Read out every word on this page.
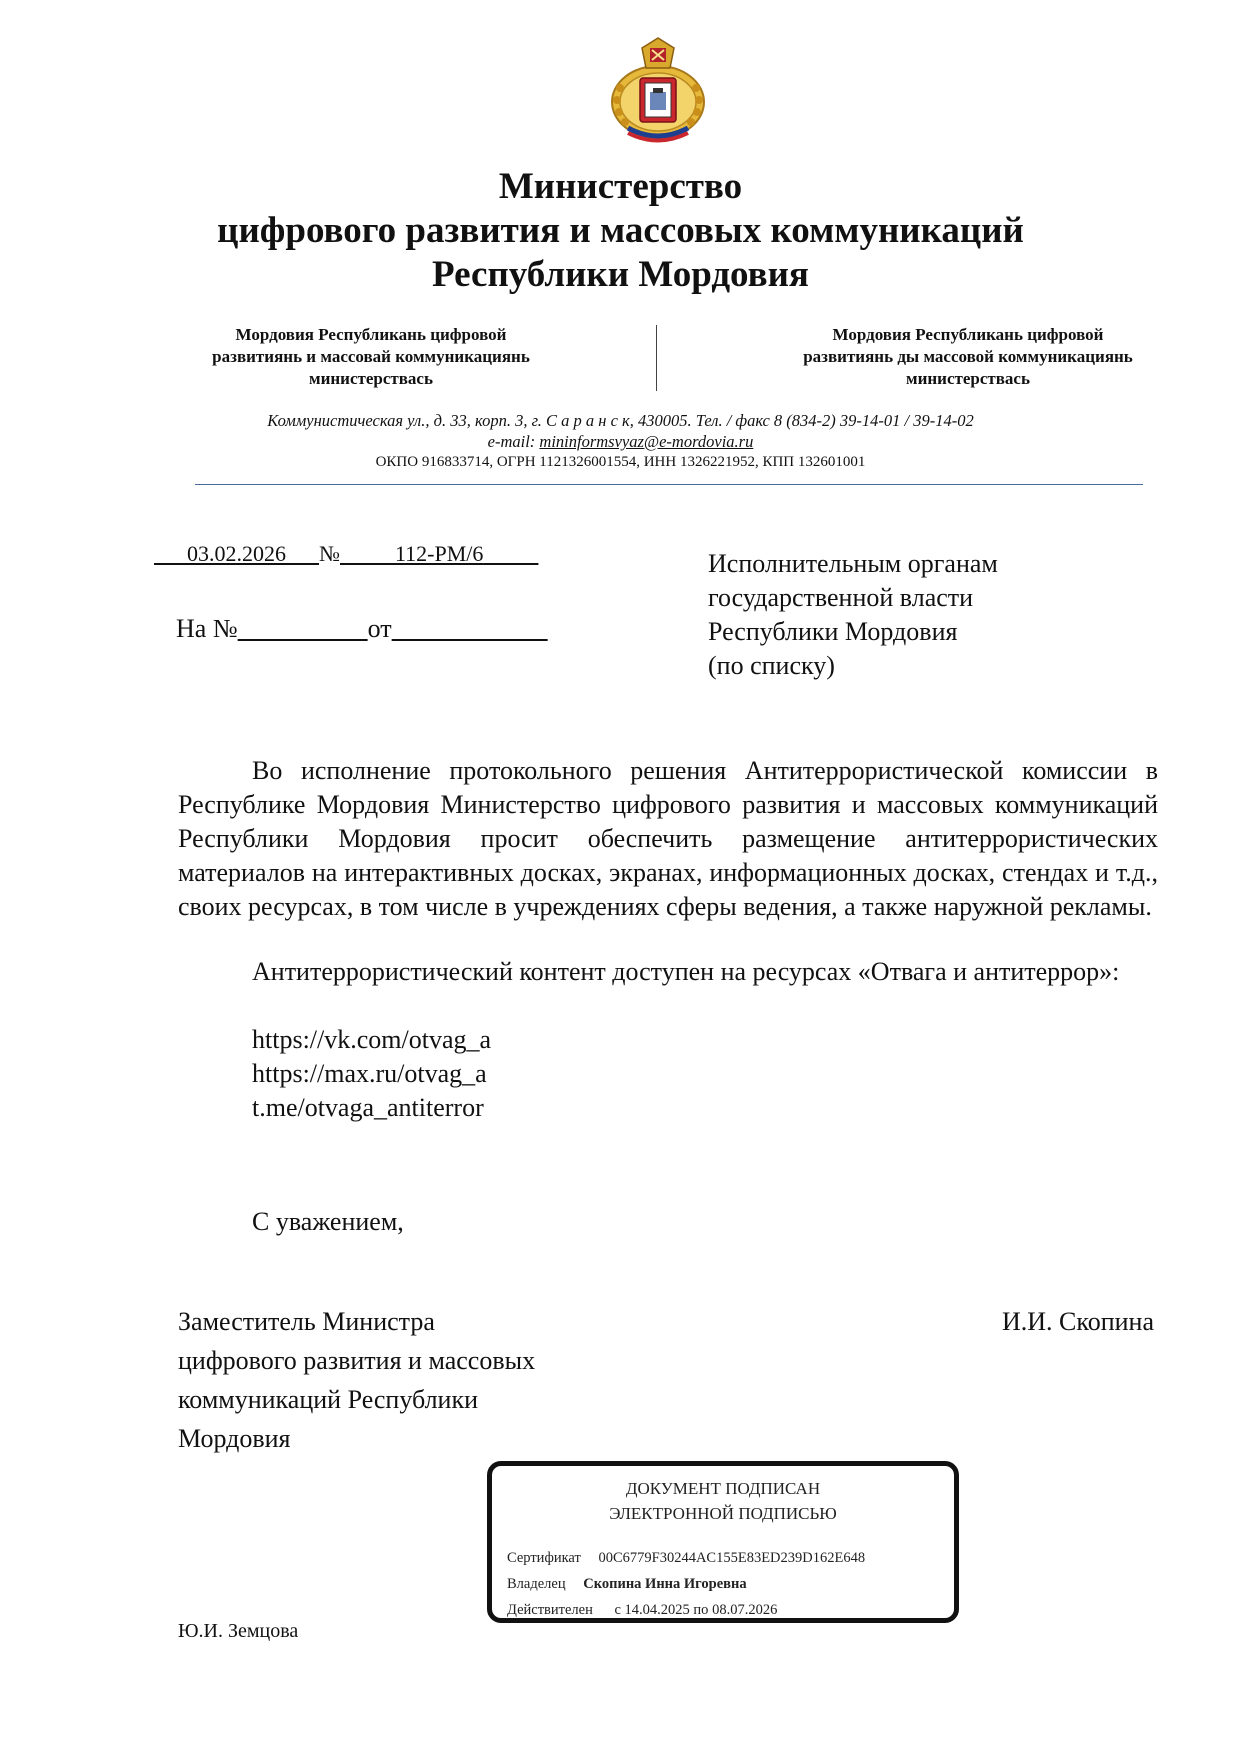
Министерство
цифрового развития и массовых коммуникаций
Республики Мордовия
Мордовия Республикань цифровой
развитиянь и массовай коммуникациянь
министерствась
Мордовия Республикань цифровой
развитиянь ды массовой коммуникациянь
министерствась
Коммунистическая ул., д. 33, корп. 3, г. С а р а н с к, 430005. Тел. / факс 8 (834-2) 39-14-01 / 39-14-02
e-mail: mininformsvyaz@e-mordovia.ru
ОКПО 916833714, ОГРН 1121326001554, ИНН 1326221952, КПП 132601001
03.02.2026 №	112-РМ/6
На №	от
Исполнительным органам
государственной власти
Республики Мордовия
(по списку)
Во исполнение протокольного решения Антитеррористической комиссии в Республике Мордовия Министерство цифрового развития и массовых коммуникаций Республики Мордовия просит обеспечить размещение антитеррористических материалов на интерактивных досках, экранах, информационных досках, стендах и т.д., своих ресурсах, в том числе в учреждениях сферы ведения, а также наружной рекламы.
Антитеррористический контент доступен на ресурсах «Отвага и антитеррор»:
https://vk.com/otvag_a
https://max.ru/otvag_a
t.me/otvaga_antiterror
С уважением,
Заместитель Министра
цифрового развития и массовых
коммуникаций Республики
Мордовия
И.И. Скопина
ДОКУМЕНТ ПОДПИСАН
ЭЛЕКТРОННОЙ ПОДПИСЬЮ
Сертификат 00C6779F30244AC155E83ED239D162E648
Владелец Скопина Инна Игоревна
Действителен с 14.04.2025 по 08.07.2026
Ю.И. Земцова
